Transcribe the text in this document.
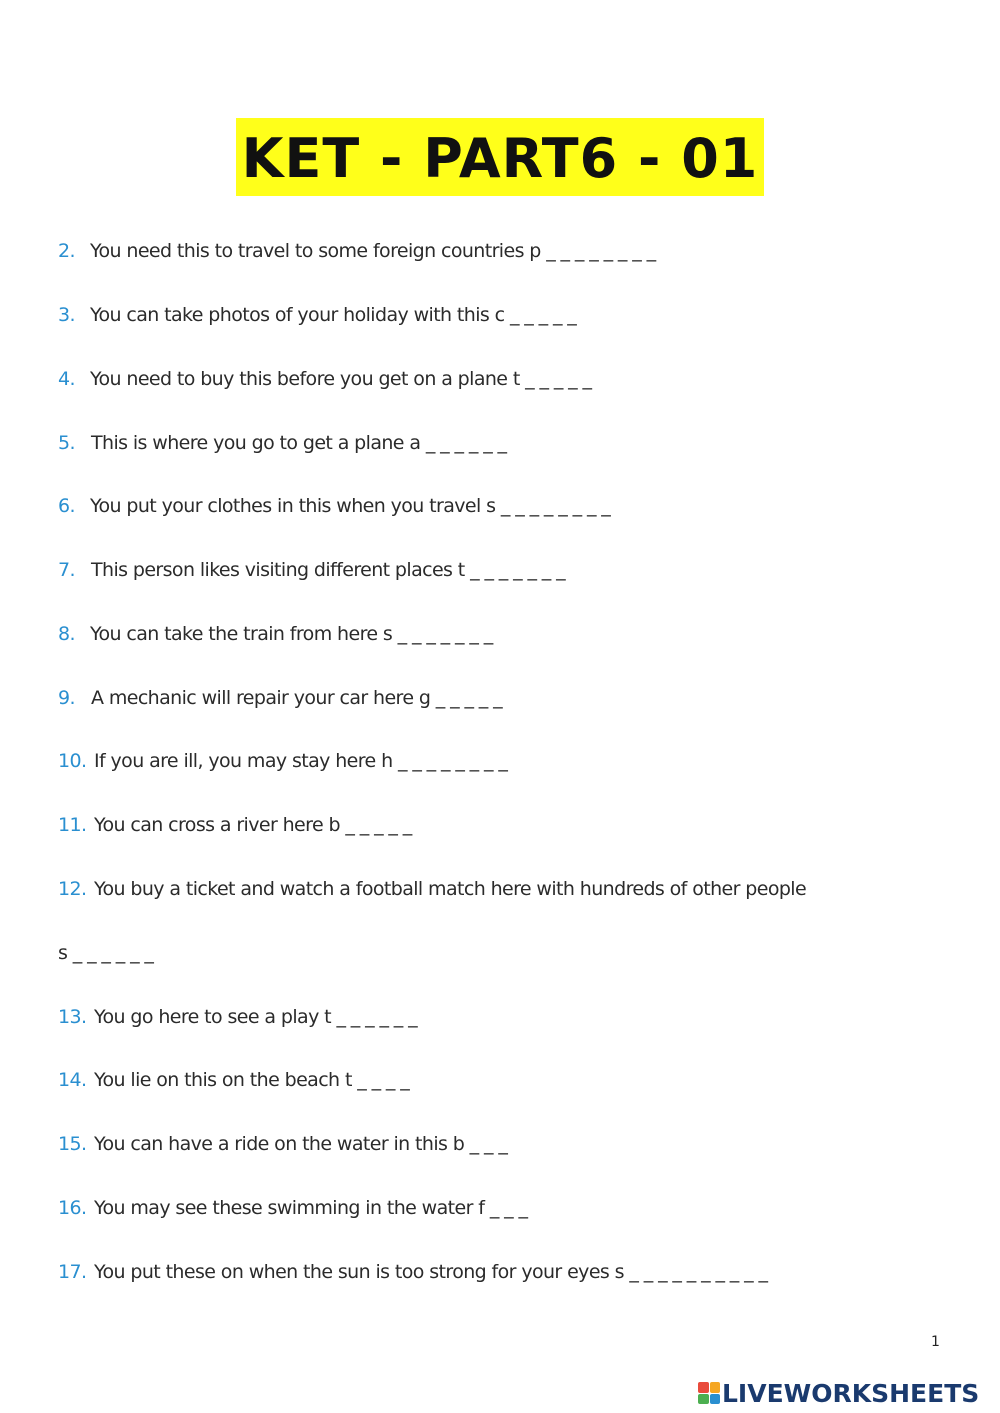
KET - PART6 - 01
2. You need this to travel to some foreign countries p _ _ _ _ _ _ _ _
3. You can take photos of your holiday with this c _ _ _ _ _
4. You need to buy this before you get on a plane t _ _ _ _ _
5. This is where you go to get a plane a _ _ _ _ _ _
6. You put your clothes in this when you travel s _ _ _ _ _ _ _ _
7. This person likes visiting different places t _ _ _ _ _ _ _
8. You can take the train from here s _ _ _ _ _ _ _
9. A mechanic will repair your car here g _ _ _ _ _
10.If you are ill, you may stay here h _ _ _ _ _ _ _ _
11. You can cross a river here b _ _ _ _ _
12.You buy a ticket and watch a football match here with hundreds of other people
s _ _ _ _ _ _
13.You go here to see a play t _ _ _ _ _ _
14.You lie on this on the beach t _ _ _ _
15.You can have a ride on the water in this b _ _ _
16.You may see these swimming in the water f _ _ _
17.You put these on when the sun is too strong for your eyes s _ _ _ _ _ _ _ _ _ _
1
LIVEWORKSHEETS
